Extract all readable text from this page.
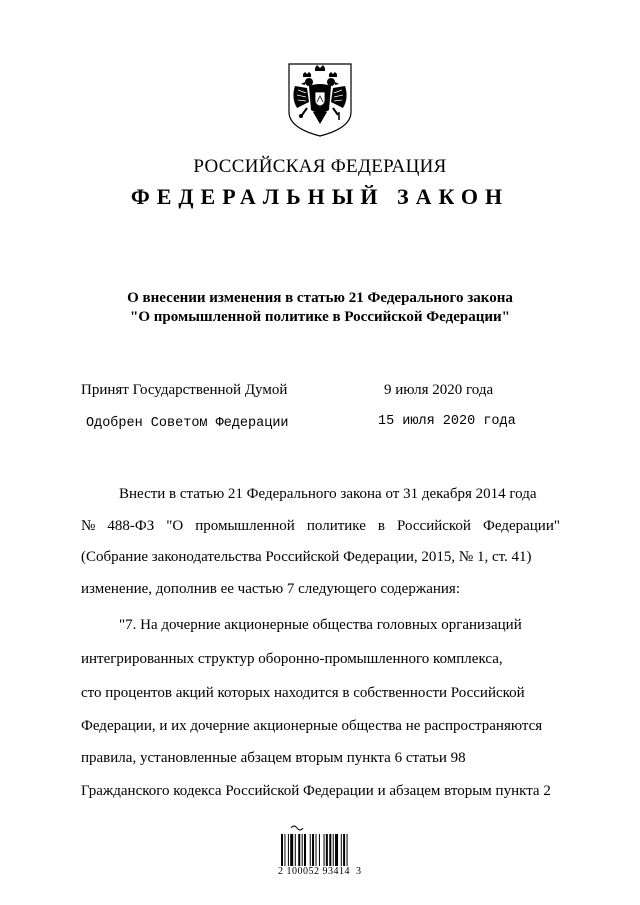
РОССИЙСКАЯ ФЕДЕРАЦИЯ
ФЕДЕРАЛЬНЫЙ ЗАКОН
О внесении изменения в статью 21 Федерального закона
"О промышленной политике в Российской Федерации"
Принят Государственной Думой	9 июля 2020 года
Одобрен Советом Федерации	15 июля 2020 года
Внести в статью 21 Федерального закона от 31 декабря 2014 года
№ 488-ФЗ "О промышленной политике в Российской Федерации"
(Собрание законодательства Российской Федерации, 2015, № 1, ст. 41)
изменение, дополнив ее частью 7 следующего содержания:
"7. На дочерние акционерные общества головных организаций
интегрированных структур оборонно-промышленного комплекса,
сто процентов акций которых находится в собственности Российской
Федерации, и их дочерние акционерные общества не распространяются
правила, установленные абзацем вторым пункта 6 статьи 98
Гражданского кодекса Российской Федерации и абзацем вторым пункта 2
2 100052 93414  3
